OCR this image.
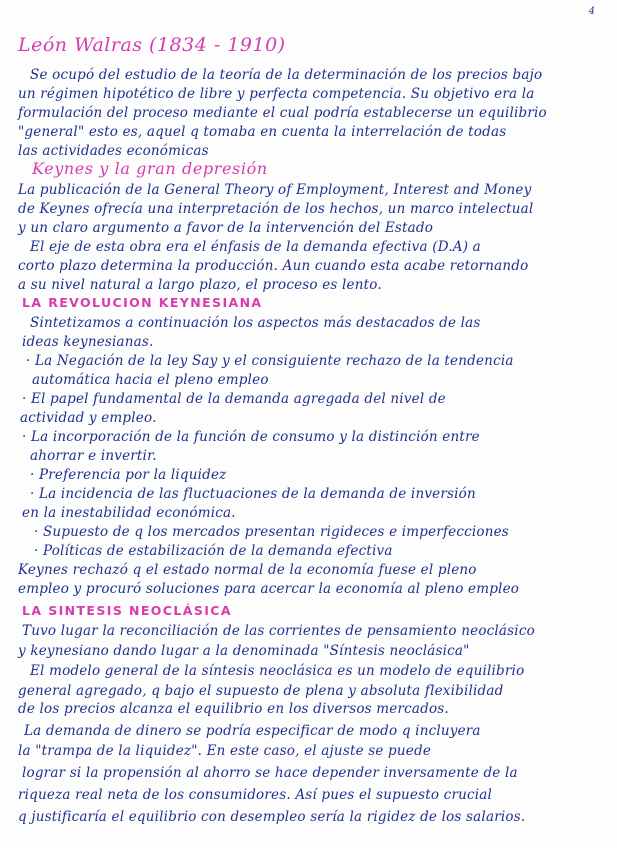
4
León Walras (1834 - 1910)
Se ocupó del estudio de la teoría de la determinación de los precios bajo
un régimen hipotético de libre y perfecta competencia. Su objetivo era la
formulación del proceso mediante el cual podría establecerse un equilibrio
"general" esto es, aquel q tomaba en cuenta la interrelación de todas
las actividades económicas
Keynes y la gran depresión
La publicación de la General Theory of Employment, Interest and Money
de Keynes ofrecía una interpretación de los hechos, un marco intelectual
y un claro argumento a favor de la intervención del Estado
El eje de esta obra era el énfasis de la demanda efectiva (D.A) a
corto plazo determina la producción. Aun cuando esta acabe retornando
a su nivel natural a largo plazo, el proceso es lento.
LA REVOLUCION KEYNESIANA
Sintetizamos a continuación los aspectos más destacados de las
ideas keynesianas.
· La Negación de la ley Say y el consiguiente rechazo de la tendencia
automática hacia el pleno empleo
· El papel fundamental de la demanda agregada del nivel de
actividad y empleo.
· La incorporación de la función de consumo y la distinción entre
ahorrar e invertir.
· Preferencia por la liquidez
· La incidencia de las fluctuaciones de la demanda de inversión
en la inestabilidad económica.
· Supuesto de q los mercados presentan rigideces e imperfecciones
· Políticas de estabilización de la demanda efectiva
Keynes rechazó q el estado normal de la economía fuese el pleno
empleo y procuró soluciones para acercar la economía al pleno empleo
LA SINTESIS NEOCLÁSICA
Tuvo lugar la reconciliación de las corrientes de pensamiento neoclásico
y keynesiano dando lugar a la denominada "Síntesis neoclásica"
El modelo general de la síntesis neoclásica es un modelo de equilibrio
general agregado, q bajo el supuesto de plena y absoluta flexibilidad
de los precios alcanza el equilibrio en los diversos mercados.
La demanda de dinero se podría especificar de modo q incluyera
la "trampa de la liquidez". En este caso, el ajuste se puede
lograr si la propensión al ahorro se hace depender inversamente de la
riqueza real neta de los consumidores. Así pues el supuesto crucial
q justificaría el equilibrio con desempleo sería la rigidez de los salarios.
